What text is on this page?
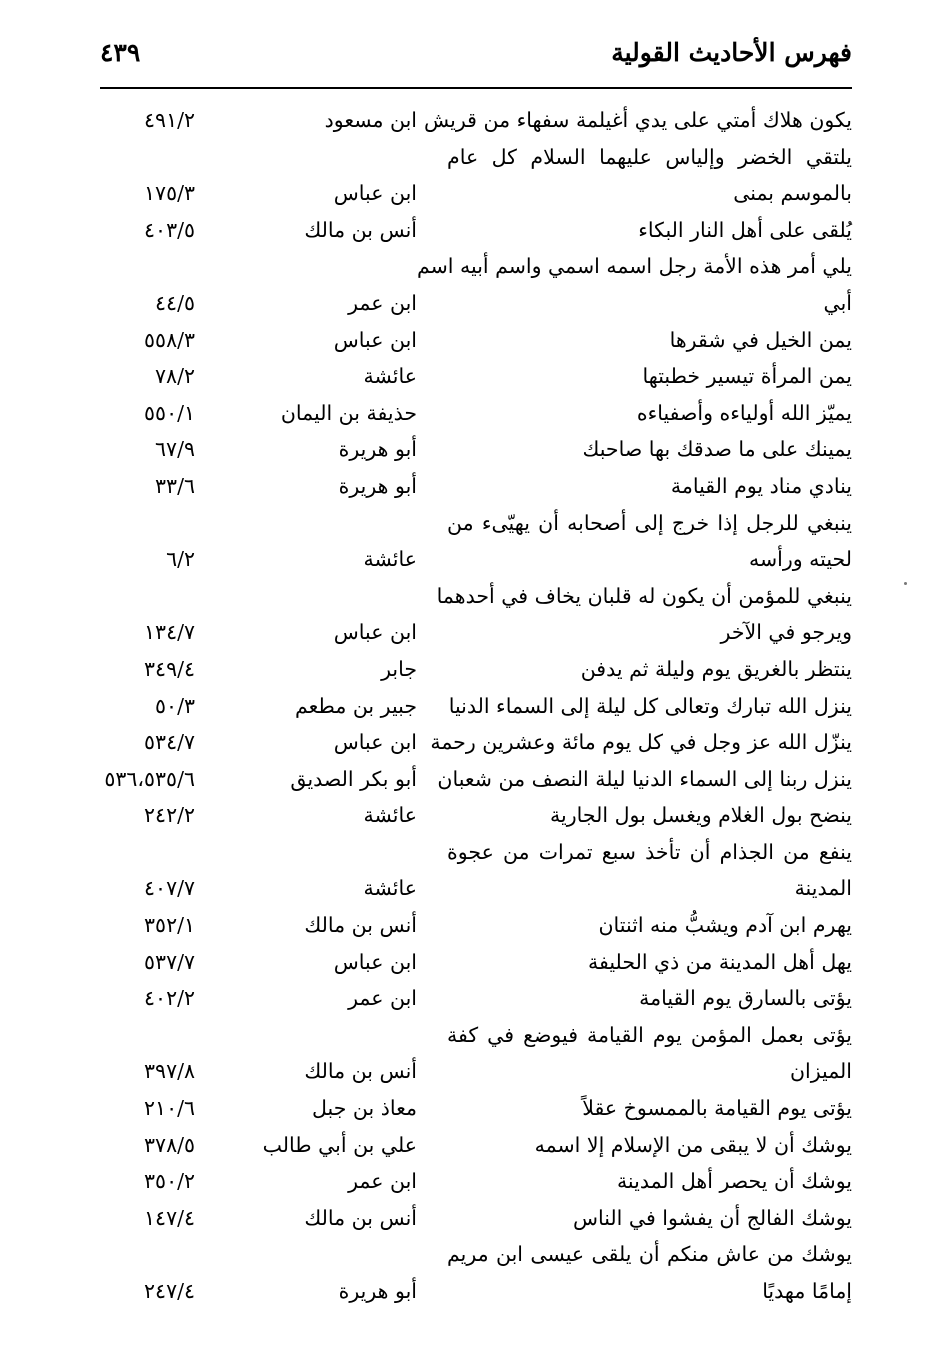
فهرس الأحاديث القولية
٤٣٩
يكون هلاك أمتي على يدي أغيلمة سفهاء من قريش
ابن مسعود
٤٩١/٢
يلتقي الخضر وإلياس عليهما السلام كل عام
بالموسم بمنى
ابن عباس
١٧٥/٣
يُلقى على أهل النار البكاء
أنس بن مالك
٤٠٣/٥
يلي أمر هذه الأمة رجل اسمه اسمي واسم أبيه اسم
أبي
ابن عمر
٤٤/٥
يمن الخيل في شقرها
ابن عباس
٥٥٨/٣
يمن المرأة تيسير خطبتها
عائشة
٧٨/٢
يميّز الله أولياءه وأصفياءه
حذيفة بن اليمان
٥٥٠/١
يمينك على ما صدقك بها صاحبك
أبو هريرة
٦٧/٩
ينادي مناد يوم القيامة
أبو هريرة
٣٣/٦
ينبغي للرجل إذا خرج إلى أصحابه أن يهيّىء من
لحيته ورأسه
عائشة
٦/٢
ينبغي للمؤمن أن يكون له قلبان يخاف في أحدهما
ويرجو في الآخر
ابن عباس
١٣٤/٧
ينتظر بالغريق يوم وليلة ثم يدفن
جابر
٣٤٩/٤
ينزل الله تبارك وتعالى كل ليلة إلى السماء الدنيا
جبير بن مطعم
٥٠/٣
ينزّل الله عز وجل في كل يوم مائة وعشرين رحمة
ابن عباس
٥٣٤/٧
ينزل ربنا إلى السماء الدنيا ليلة النصف من شعبان
أبو بكر الصديق
٥٣٦،٥٣٥/٦
ينضح بول الغلام ويغسل بول الجارية
عائشة
٢٤٢/٢
ينفع من الجذام أن تأخذ سبع تمرات من عجوة
المدينة
عائشة
٤٠٧/٧
يهرم ابن آدم ويشبُّ منه اثنتان
أنس بن مالك
٣٥٢/١
يهل أهل المدينة من ذي الحليفة
ابن عباس
٥٣٧/٧
يؤتى بالسارق يوم القيامة
ابن عمر
٤٠٢/٢
يؤتى بعمل المؤمن يوم القيامة فيوضع في كفة
الميزان
أنس بن مالك
٣٩٧/٨
يؤتى يوم القيامة بالممسوخ عقلاً
معاذ بن جبل
٢١٠/٦
يوشك أن لا يبقى من الإسلام إلا اسمه
علي بن أبي طالب
٣٧٨/٥
يوشك أن يحصر أهل المدينة
ابن عمر
٣٥٠/٢
يوشك الفالج أن يفشوا في الناس
أنس بن مالك
١٤٧/٤
يوشك من عاش منكم أن يلقى عيسى ابن مريم
إمامًا مهديًا
أبو هريرة
٢٤٧/٤
